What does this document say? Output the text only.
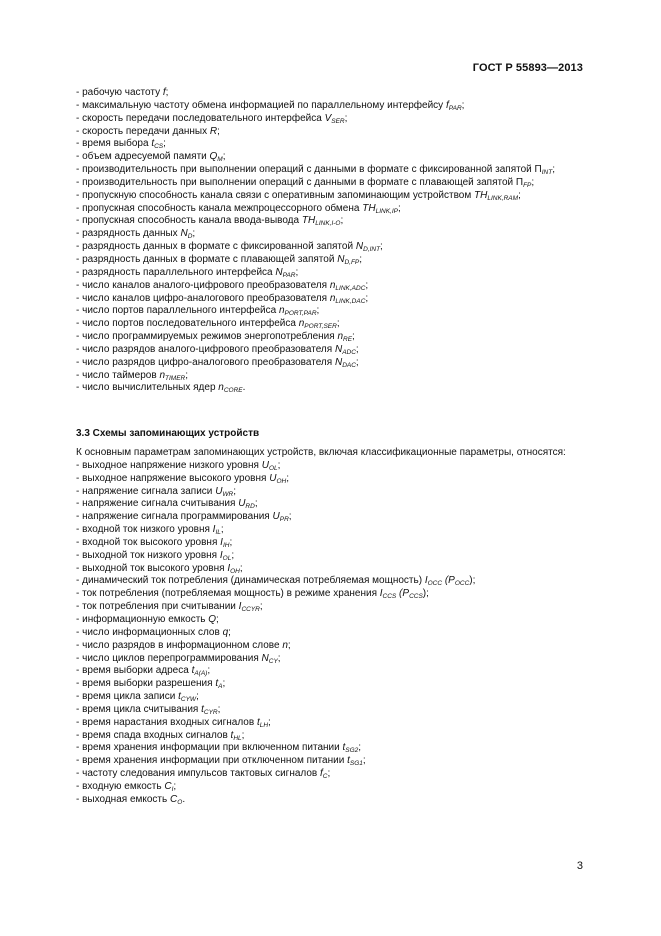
ГОСТ Р 55893—2013
- рабочую частоту f;
- максимальную частоту обмена информацией по параллельному интерфейсу $f_{PAR}$;
- скорость передачи последовательного интерфейса $V_{SER}$;
- скорость передачи данных R;
- время выбора $t_{CS}$;
- объем адресуемой памяти $Q_M$;
- производительность при выполнении операций с данными в формате с фиксированной запятой $П_{INT}$;
- производительность при выполнении операций с данными в формате с плавающей запятой $П_{FP}$;
- пропускную способность канала связи с оперативным запоминающим устройством $TH_{LINK,RAM}$;
- пропускная способность канала межпроцессорного обмена $TH_{LINK,IP}$;
- пропускная способность канала ввода-вывода $TH_{LINK,I-O}$;
- разрядность данных $N_D$;
- разрядность данных в формате с фиксированной запятой $N_{D,INT}$;
- разрядность данных в формате с плавающей запятой $N_{D,FP}$;
- разрядность параллельного интерфейса $N_{PAR}$;
- число каналов аналого-цифрового преобразователя $n_{LINK,ADC}$;
- число каналов цифро-аналогового преобразователя $n_{LINK,DAC}$;
- число портов параллельного интерфейса $n_{PORT,PAR}$;
- число портов последовательного интерфейса $n_{PORT,SER}$;
- число программируемых режимов энергопотребления $n_{RE}$;
- число разрядов аналого-цифрового преобразователя $N_{ADC}$;
- число разрядов цифро-аналогового преобразователя $N_{DAC}$;
- число таймеров $n_{TIMER}$;
- число вычислительных ядер $n_{CORE}$.
3.3 Схемы запоминающих устройств

К основным параметрам запоминающих устройств, включая классификационные параметры, относятся:

- выходное напряжение низкого уровня $U_{OL}$;
- выходное напряжение высокого уровня $U_{OH}$;
- напряжение сигнала записи $U_{WR}$;
- напряжение сигнала считывания $U_{RD}$;
- напряжение сигнала программирования $U_{PR}$;
- входной ток низкого уровня $I_{IL}$;
- входной ток высокого уровня $I_{IH}$;
- выходной ток низкого уровня $I_{OL}$;
- выходной ток высокого уровня $I_{OH}$;
- динамический ток потребления (динамическая потребляемая мощность) $I_{OCC}$ $(P_{OCC})$;
- ток потребления (потребляемая мощность) в режиме хранения $I_{CCS}$ $(P_{CCS})$;
- ток потребления при считывании $I_{CCYR}$;
- информационную емкость Q;
- число информационных слов q;
- число разрядов в информационном слове n;
- число циклов перепрограммирования $N_{CY}$;
- время выборки адреса $t_{A(A)}$;
- время выборки разрешения $t_A$;
- время цикла записи $t_{CYW}$;
- время цикла считывания $t_{CYR}$;
- время нарастания входных сигналов $t_{LH}$;
- время спада входных сигналов $t_{HL}$;
- время хранения информации при включенном питании $t_{SG2}$;
- время хранения информации при отключенном питании $t_{SG1}$;
- частоту следования импульсов тактовых сигналов $f_C$;
- входную емкость $C_I$;
- выходная емкость $C_O$.
3
